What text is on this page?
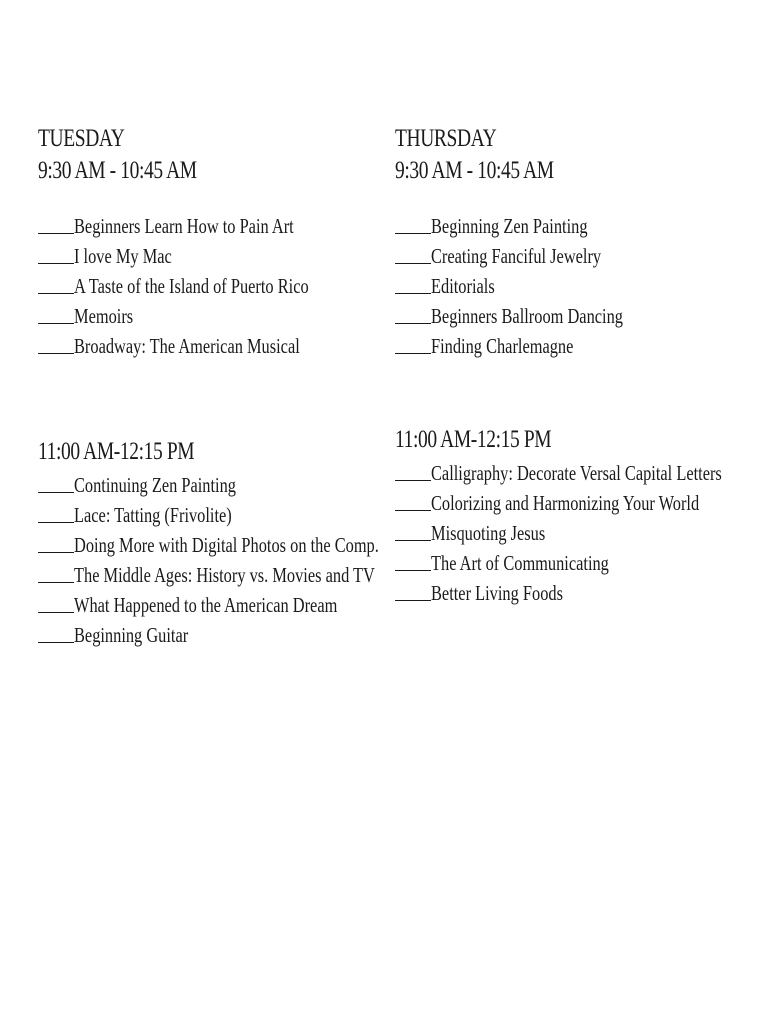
TUESDAY
9:30 AM - 10:45 AM
Beginners Learn How to Pain Art
I love My Mac
A Taste of the Island of Puerto Rico
Memoirs
Broadway: The American Musical
11:00 AM-12:15 PM
Continuing Zen Painting
Lace: Tatting (Frivolite)
Doing More with Digital Photos on the Comp.
The Middle Ages: History vs. Movies and TV
What Happened to the American Dream
Beginning Guitar
THURSDAY
9:30 AM - 10:45 AM
Beginning Zen Painting
Creating Fanciful Jewelry
Editorials
Beginners Ballroom Dancing
Finding Charlemagne
11:00 AM-12:15 PM
Calligraphy: Decorate Versal Capital Letters
Colorizing and Harmonizing Your World
Misquoting Jesus
The Art of Communicating
Better Living Foods
